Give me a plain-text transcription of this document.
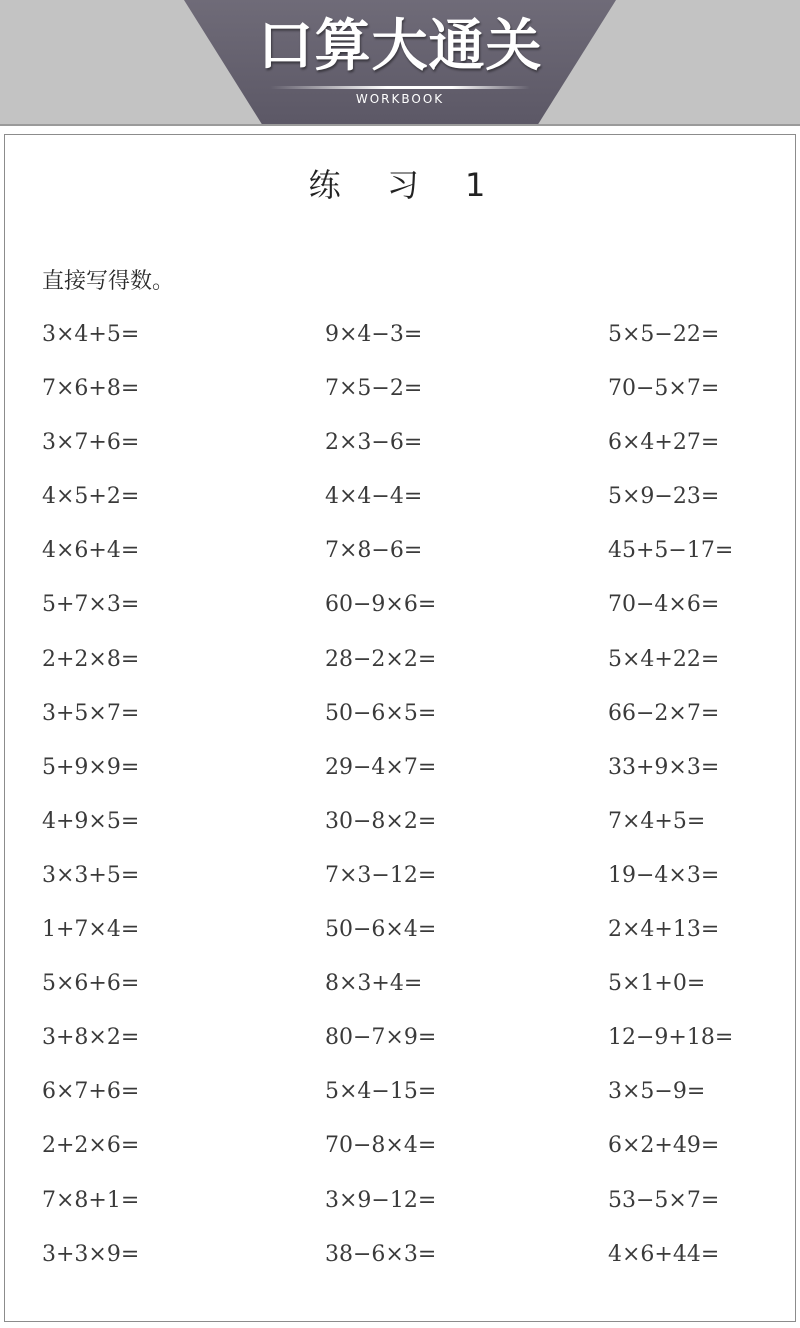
口算大通关
WORKBOOK
练 习 1
直接写得数。
3×4+5=	9×4−3=	5×5−22=
7×6+8=	7×5−2=	70−5×7=
3×7+6=	2×3−6=	6×4+27=
4×5+2=	4×4−4=	5×9−23=
4×6+4=	7×8−6=	45+5−17=
5+7×3=	60−9×6=	70−4×6=
2+2×8=	28−2×2=	5×4+22=
3+5×7=	50−6×5=	66−2×7=
5+9×9=	29−4×7=	33+9×3=
4+9×5=	30−8×2=	7×4+5=
3×3+5=	7×3−12=	19−4×3=
1+7×4=	50−6×4=	2×4+13=
5×6+6=	8×3+4=	5×1+0=
3+8×2=	80−7×9=	12−9+18=
6×7+6=	5×4−15=	3×5−9=
2+2×6=	70−8×4=	6×2+49=
7×8+1=	3×9−12=	53−5×7=
3+3×9=	38−6×3=	4×6+44=
